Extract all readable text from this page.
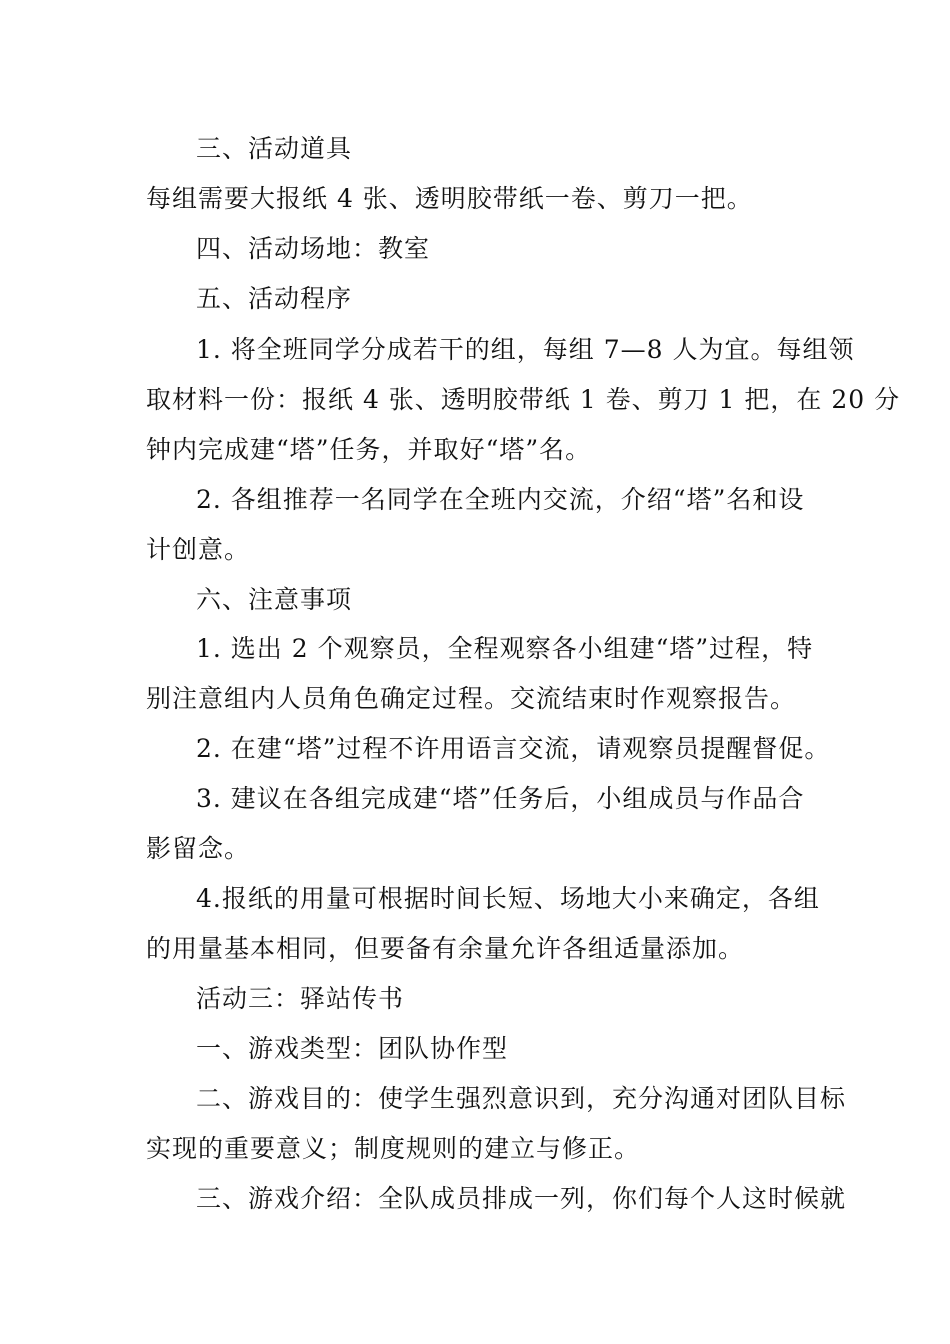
三、活动道具
每组需要大报纸 4 张、透明胶带纸一卷、剪刀一把。
四、活动场地：教室
五、活动程序
1. 将全班同学分成若干的组，每组 7—8 人为宜。每组领
取材料一份：报纸 4 张、透明胶带纸 1 卷、剪刀 1 把，在 20 分
钟内完成建“塔”任务，并取好“塔”名。
2. 各组推荐一名同学在全班内交流，介绍“塔”名和设
计创意。
六、注意事项
1. 选出 2 个观察员，全程观察各小组建“塔”过程，特
别注意组内人员角色确定过程。交流结束时作观察报告。
2. 在建“塔”过程不许用语言交流，请观察员提醒督促。
3. 建议在各组完成建“塔”任务后，小组成员与作品合
影留念。
4.报纸的用量可根据时间长短、场地大小来确定，各组
的用量基本相同，但要备有余量允许各组适量添加。
活动三：驿站传书
一、游戏类型：团队协作型
二、游戏目的：使学生强烈意识到，充分沟通对团队目标
实现的重要意义；制度规则的建立与修正。
三、游戏介绍：全队成员排成一列，你们每个人这时候就
